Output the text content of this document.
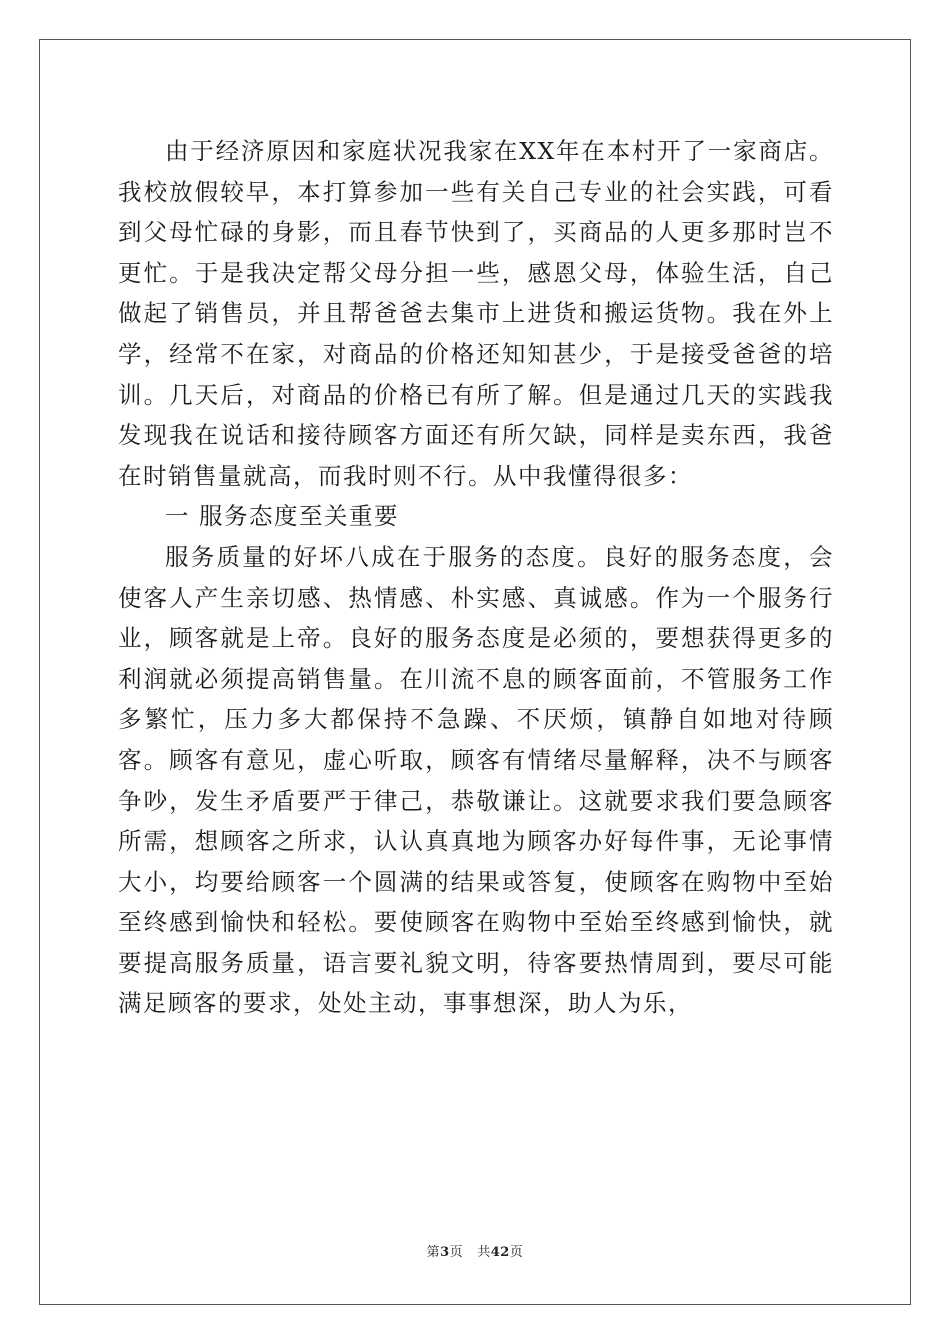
由于经济原因和家庭状况我家在XX年在本村开了一家商店。我校放假较早，本打算参加一些有关自己专业的社会实践，可看到父母忙碌的身影，而且春节快到了，买商品的人更多那时岂不更忙。于是我决定帮父母分担一些，感恩父母，体验生活，自己做起了销售员，并且帮爸爸去集市上进货和搬运货物。我在外上学，经常不在家，对商品的价格还知知甚少，于是接受爸爸的培训。几天后，对商品的价格已有所了解。但是通过几天的实践我发现我在说话和接待顾客方面还有所欠缺，同样是卖东西，我爸在时销售量就高，而我时则不行。从中我懂得很多：

一 服务态度至关重要

服务质量的好坏八成在于服务的态度。良好的服务态度，会使客人产生亲切感、热情感、朴实感、真诚感。作为一个服务行业，顾客就是上帝。良好的服务态度是必须的，要想获得更多的利润就必须提高销售量。在川流不息的顾客面前，不管服务工作多繁忙，压力多大都保持不急躁、不厌烦，镇静自如地对待顾客。顾客有意见，虚心听取，顾客有情绪尽量解释，决不与顾客争吵，发生矛盾要严于律己，恭敬谦让。这就要求我们要急顾客所需，想顾客之所求，认认真真地为顾客办好每件事，无论事情大小，均要给顾客一个圆满的结果或答复，使顾客在购物中至始至终感到愉快和轻松。要使顾客在购物中至始至终感到愉快，就要提高服务质量，语言要礼貌文明，待客要热情周到，要尽可能满足顾客的要求，处处主动，事事想深，助人为乐，

第3页 共42页
